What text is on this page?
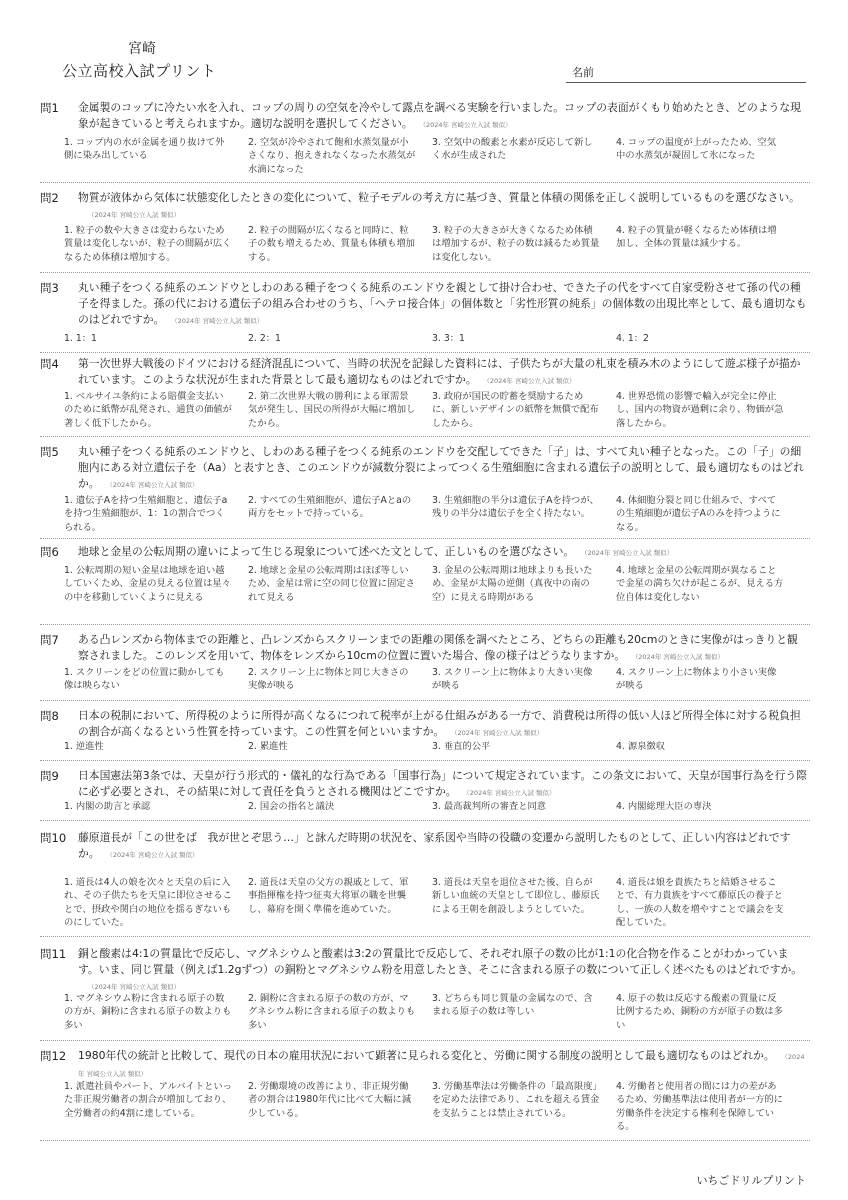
宮崎
公立高校入試プリント	名前
問1 金属製のコップに冷たい水を入れ、コップの周りの空気を冷やして露点を調べる実験を行いました。コップの表面がくもり始めたとき、どのような現象が起きていると考えられますか。適切な説明を選択してください。 （2024年 宮崎公立入試 類似）
1. コップ内の水が金属を通り抜けて外側に染み出している
2. 空気が冷やされて飽和水蒸気量が小さくなり、抱えきれなくなった水蒸気が水滴になった
3. 空気中の酸素と水素が反応して新しく水が生成された
4. コップの温度が上がったため、空気中の水蒸気が凝固して氷になった
問2 物質が液体から気体に状態変化したときの変化について、粒子モデルの考え方に基づき、質量と体積の関係を正しく説明しているものを選びなさい。（2024年 宮崎公立入試 類似）
1. 粒子の数や大きさは変わらないため質量は変化しないが、粒子の間隔が広くなるため体積は増加する。
2. 粒子の間隔が広くなると同時に、粒子の数も増えるため、質量も体積も増加する。
3. 粒子の大きさが大きくなるため体積は増加するが、粒子の数は減るため質量は変化しない。
4. 粒子の質量が軽くなるため体積は増加し、全体の質量は減少する。
問3 丸い種子をつくる純系のエンドウとしわのある種子をつくる純系のエンドウを親として掛け合わせ、できた子の代をすべて自家受粉させて孫の代の種子を得ました。孫の代における遺伝子の組み合わせのうち、「ヘテロ接合体」の個体数と「劣性形質の純系」の個体数の出現比率として、最も適切なものはどれですか。 （2024年 宮崎公立入試 類似）
1. 1：1	2. 2：1	3. 3：1	4. 1：2
問4 第一次世界大戦後のドイツにおける経済混乱について、当時の状況を記録した資料には、子供たちが大量の札束を積み木のようにして遊ぶ様子が描かれています。このような状況が生まれた背景として最も適切なものはどれですか。 （2024年 宮崎公立入試 類似）
1. ベルサイユ条約による賠償金支払いのために紙幣が乱発され、通貨の価値が著しく低下したから。
2. 第二次世界大戦の勝利による軍需景気が発生し、国民の所得が大幅に増加したから。
3. 政府が国民の貯蓄を奨励するために、新しいデザインの紙幣を無償で配布したから。
4. 世界恐慌の影響で輸入が完全に停止し、国内の物資が過剰に余り、物価が急落したから。
問5 丸い種子をつくる純系のエンドウと、しわのある種子をつくる純系のエンドウを交配してできた「子」は、すべて丸い種子となった。この「子」の細胞内にある対立遺伝子を（Aa）と表すとき、このエンドウが減数分裂によってつくる生殖細胞に含まれる遺伝子の説明として、最も適切なものはどれか。 （2024年 宮崎公立入試 類似）
1. 遺伝子Aを持つ生殖細胞と、遺伝子aを持つ生殖細胞が、1：1の割合でつくられる。
2. すべての生殖細胞が、遺伝子Aとaの両方をセットで持っている。
3. 生殖細胞の半分は遺伝子Aを持つが、残りの半分は遺伝子を全く持たない。
4. 体細胞分裂と同じ仕組みで、すべての生殖細胞が遺伝子Aのみを持つようになる。
問6 地球と金星の公転周期の違いによって生じる現象について述べた文として、正しいものを選びなさい。 （2024年 宮崎公立入試 類似）
1. 公転周期の短い金星は地球を追い越していくため、金星の見える位置は星々の中を移動していくように見える
2. 地球と金星の公転周期はほぼ等しいため、金星は常に空の同じ位置に固定されて見える
3. 金星の公転周期は地球よりも長いため、金星が太陽の逆側（真夜中の南の空）に見える時期がある
4. 地球と金星の公転周期が異なることで金星の満ち欠けが起こるが、見える方位自体は変化しない
問7 ある凸レンズから物体までの距離と、凸レンズからスクリーンまでの距離の関係を調べたところ、どちらの距離も20cmのときに実像がはっきりと観察されました。このレンズを用いて、物体をレンズから10cmの位置に置いた場合、像の様子はどうなりますか。 （2024年 宮崎公立入試 類似）
1. スクリーンをどの位置に動かしても像は映らない
2. スクリーン上に物体と同じ大きさの実像が映る
3. スクリーン上に物体より大きい実像が映る
4. スクリーン上に物体より小さい実像が映る
問8 日本の税制において、所得税のように所得が高くなるにつれて税率が上がる仕組みがある一方で、消費税は所得の低い人ほど所得全体に対する税負担の割合が高くなるという性質を持っています。この性質を何といいますか。 （2024年 宮崎公立入試 類似）
1. 逆進性	2. 累進性	3. 垂直的公平	4. 源泉徴収
問9 日本国憲法第3条では、天皇が行う形式的・儀礼的な行為である「国事行為」について規定されています。この条文において、天皇が国事行為を行う際に必ず必要とされ、その結果に対して責任を負うとされる機関はどこですか。 （2024年 宮崎公立入試 類似）
1. 内閣の助言と承認	2. 国会の指名と議決	3. 最高裁判所の審査と同意	4. 内閣総理大臣の専決
問10 藤原道長が「この世をば　我が世とぞ思う…」と詠んだ時期の状況を、家系図や当時の役職の変遷から説明したものとして、正しい内容はどれですか。 （2024年 宮崎公立入試 類似）
1. 道長は4人の娘を次々と天皇の后に入れ、その子供たちを天皇に即位させることで、摂政や関白の地位を揺るぎないものにしていた。
2. 道長は天皇の父方の親戚として、軍事指揮権を持つ征夷大将軍の職を世襲し、幕府を開く準備を進めていた。
3. 道長は天皇を退位させた後、自らが新しい血統の天皇として即位し、藤原氏による王朝を創設しようとしていた。
4. 道長は娘を貴族たちと結婚させることで、有力貴族をすべて藤原氏の養子とし、一族の人数を増やすことで議会を支配していた。
問11 銅と酸素は4:1の質量比で反応し、マグネシウムと酸素は3:2の質量比で反応して、それぞれ原子の数の比が1:1の化合物を作ることがわかっています。いま、同じ質量（例えば1.2gずつ）の銅粉とマグネシウム粉を用意したとき、そこに含まれる原子の数について正しく述べたものはどれですか。（2024年 宮崎公立入試 類似）
1. マグネシウム粉に含まれる原子の数の方が、銅粉に含まれる原子の数よりも多い
2. 銅粉に含まれる原子の数の方が、マグネシウム粉に含まれる原子の数よりも多い
3. どちらも同じ質量の金属なので、含まれる原子の数は等しい
4. 原子の数は反応する酸素の質量に反比例するため、銅粉の方が原子の数は多い
問12 1980年代の統計と比較して、現代の日本の雇用状況において顕著に見られる変化と、労働に関する制度の説明として最も適切なものはどれか。 （2024年 宮崎公立入試 類似）
1. 派遣社員やパート、アルバイトといった非正規労働者の割合が増加しており、全労働者の約4割に達している。
2. 労働環境の改善により、非正規労働者の割合は1980年代に比べて大幅に減少している。
3. 労働基準法は労働条件の「最高限度」を定めた法律であり、これを超える賃金を支払うことは禁止されている。
4. 労働者と使用者の間には力の差があるため、労働基準法は使用者が一方的に労働条件を決定する権利を保障している。
いちごドリルプリント
